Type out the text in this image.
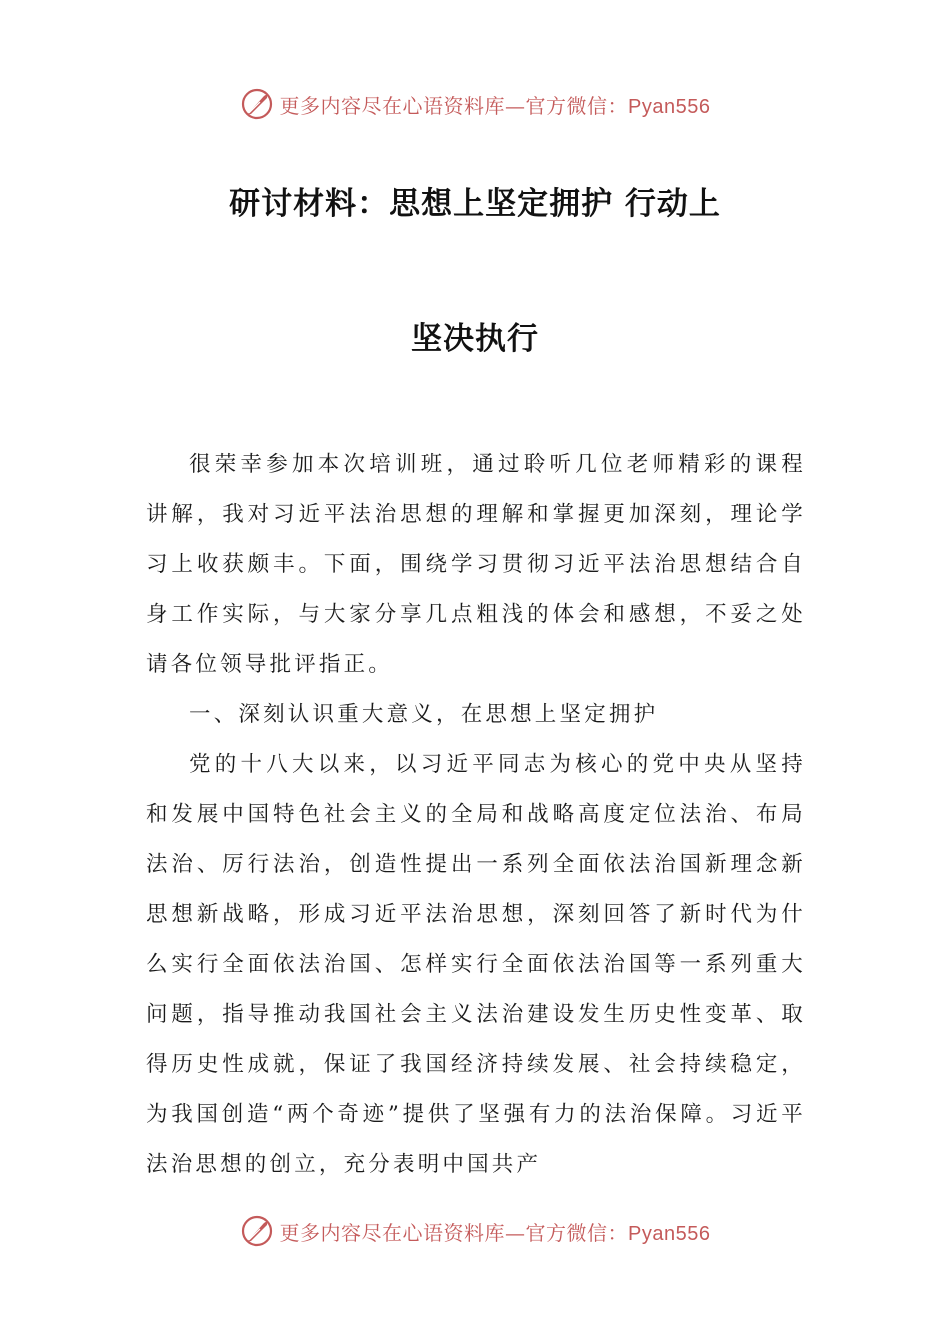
更多内容尽在心语资料库—官方微信：Pyan556
研讨材料：思想上坚定拥护 行动上
坚决执行

很荣幸参加本次培训班，通过聆听几位老师精彩的课程讲解，我对习近平法治思想的理解和掌握更加深刻，理论学习上收获颇丰。下面，围绕学习贯彻习近平法治思想结合自身工作实际，与大家分享几点粗浅的体会和感想，不妥之处请各位领导批评指正。

一、深刻认识重大意义，在思想上坚定拥护

党的十八大以来，以习近平同志为核心的党中央从坚持和发展中国特色社会主义的全局和战略高度定位法治、布局法治、厉行法治，创造性提出一系列全面依法治国新理念新思想新战略，形成习近平法治思想，深刻回答了新时代为什么实行全面依法治国、怎样实行全面依法治国等一系列重大问题，指导推动我国社会主义法治建设发生历史性变革、取得历史性成就，保证了我国经济持续发展、社会持续稳定，为我国创造“两个奇迹”提供了坚强有力的法治保障。习近平法治思想的创立，充分表明中国共产

更多内容尽在心语资料库—官方微信：Pyan556
